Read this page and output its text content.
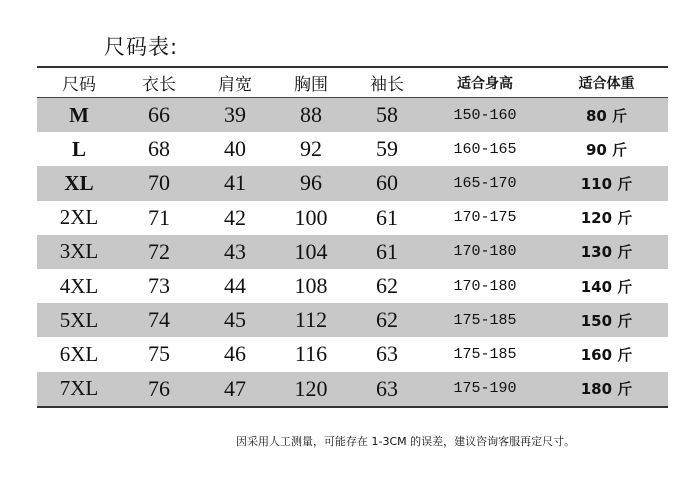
尺码表:
尺码	衣长	肩宽	胸围	袖长	适合身高	适合体重
M	66	39	88	58	150-160	80 斤
L	68	40	92	59	160-165	90 斤
XL	70	41	96	60	165-170	110 斤
2XL	71	42	100	61	170-175	120 斤
3XL	72	43	104	61	170-180	130 斤
4XL	73	44	108	62	170-180	140 斤
5XL	74	45	112	62	175-185	150 斤
6XL	75	46	116	63	175-185	160 斤
7XL	76	47	120	63	175-190	180 斤
因采用人工测量，可能存在 1-3CM 的误差，建议咨询客服再定尺寸。
